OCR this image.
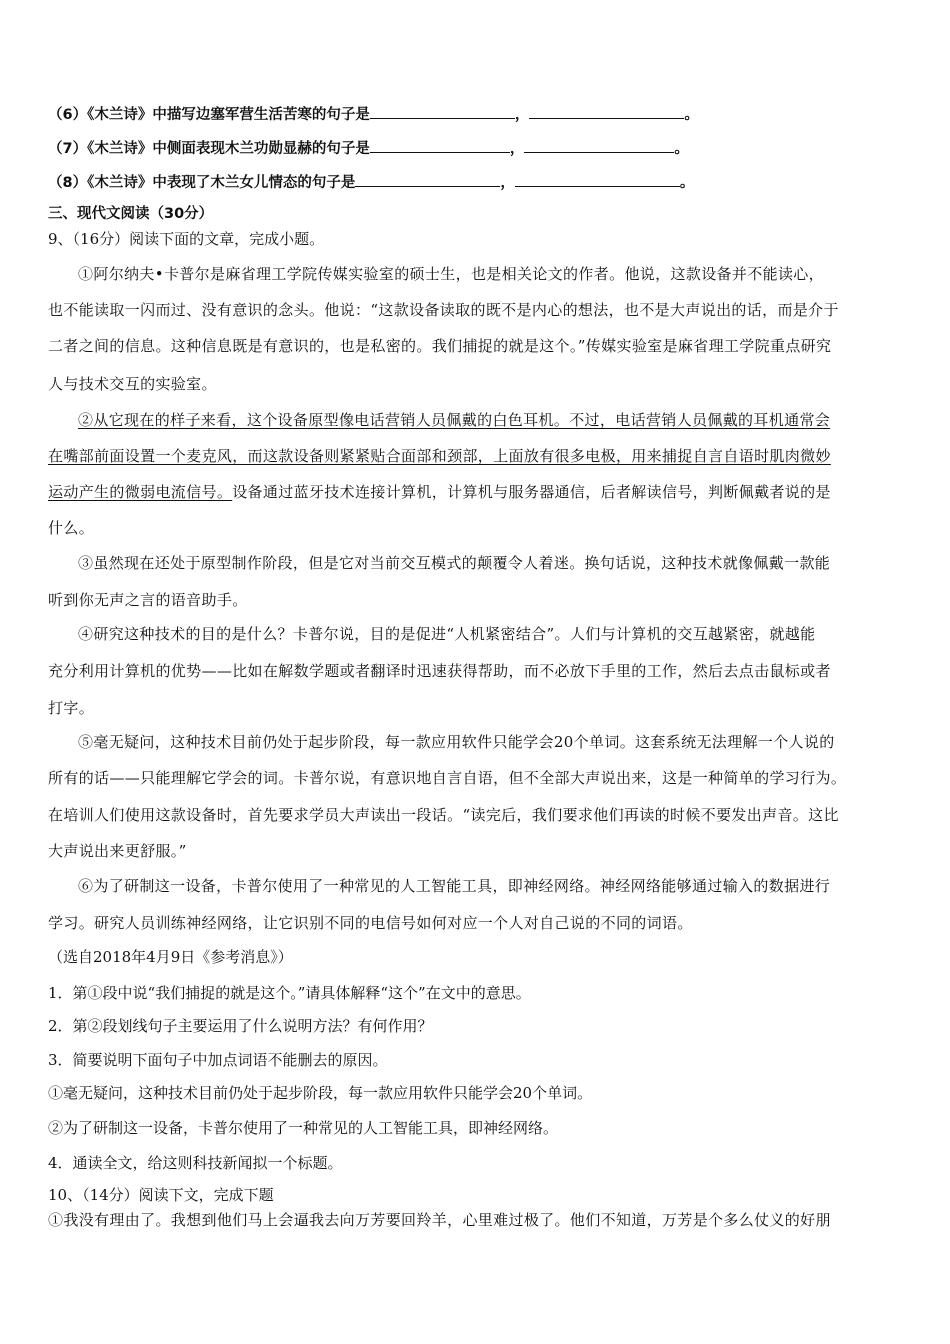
（6）《木兰诗》中描写边塞军营生活苦寒的句子是	，	。
（7）《木兰诗》中侧面表现木兰功勋显赫的句子是	，	。
（8）《木兰诗》中表现了木兰女儿情态的句子是	，	。
三、现代文阅读（30分）
9、（16分）阅读下面的文章，完成小题。
①阿尔纳夫•卡普尔是麻省理工学院传媒实验室的硕士生，也是相关论文的作者。他说，这款设备并不能读心，
也不能读取一闪而过、没有意识的念头。他说：“这款设备读取的既不是内心的想法，也不是大声说出的话，而是介于
二者之间的信息。这种信息既是有意识的，也是私密的。我们捕捉的就是这个。”传媒实验室是麻省理工学院重点研究
人与技术交互的实验室。
②从它现在的样子来看，这个设备原型像电话营销人员佩戴的白色耳机。不过，电话营销人员佩戴的耳机通常会
在嘴部前面设置一个麦克风，而这款设备则紧紧贴合面部和颈部，上面放有很多电极，用来捕捉自言自语时肌肉微妙
运动产生的微弱电流信号。设备通过蓝牙技术连接计算机，计算机与服务器通信，后者解读信号，判断佩戴者说的是
什么。
③虽然现在还处于原型制作阶段，但是它对当前交互模式的颠覆令人着迷。换句话说，这种技术就像佩戴一款能
听到你无声之言的语音助手。
④研究这种技术的目的是什么？卡普尔说，目的是促进“人机紧密结合”。人们与计算机的交互越紧密，就越能
充分利用计算机的优势——比如在解数学题或者翻译时迅速获得帮助，而不必放下手里的工作，然后去点击鼠标或者
打字。
⑤毫无疑问，这种技术目前仍处于起步阶段，每一款应用软件只能学会20个单词。这套系统无法理解一个人说的
所有的话——只能理解它学会的词。卡普尔说，有意识地自言自语，但不全部大声说出来，这是一种简单的学习行为。
在培训人们使用这款设备时，首先要求学员大声读出一段话。“读完后，我们要求他们再读的时候不要发出声音。这比
大声说出来更舒服。”
⑥为了研制这一设备，卡普尔使用了一种常见的人工智能工具，即神经网络。神经网络能够通过输入的数据进行
学习。研究人员训练神经网络，让它识别不同的电信号如何对应一个人对自己说的不同的词语。
（选自2018年4月9日《参考消息》）
1．第①段中说“我们捕捉的就是这个。”请具体解释“这个”在文中的意思。
2．第②段划线句子主要运用了什么说明方法？有何作用？
3．简要说明下面句子中加点词语不能删去的原因。
①毫无疑问，这种技术目前仍处于起步阶段，每一款应用软件只能学会20个单词。
②为了研制这一设备，卡普尔使用了一种常见的人工智能工具，即神经网络。
4．通读全文，给这则科技新闻拟一个标题。
10、（14分）阅读下文，完成下题
①我没有理由了。我想到他们马上会逼我去向万芳要回羚羊，心里难过极了。他们不知道，万芳是个多么仗义的好朋
